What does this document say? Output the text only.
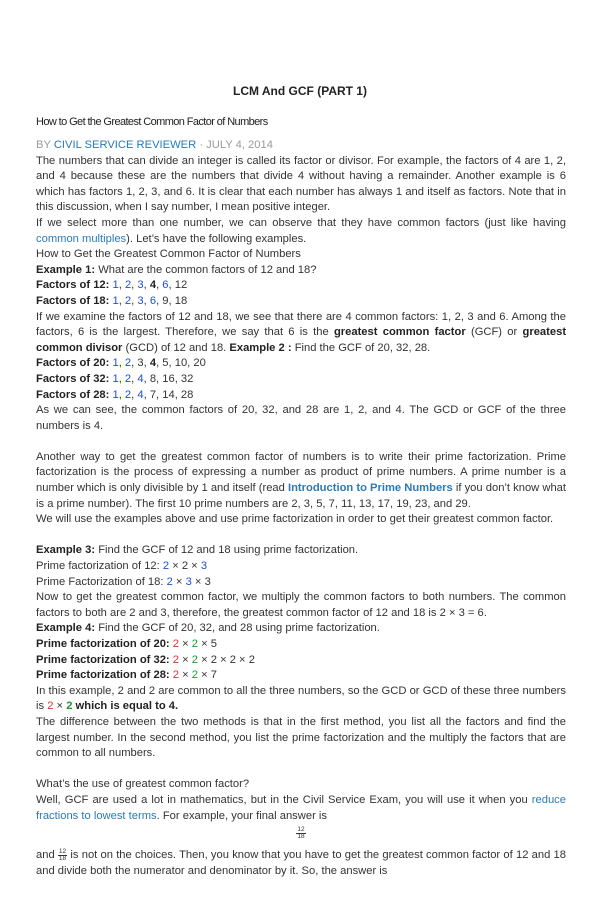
LCM And GCF (PART 1)
How to Get the Greatest Common Factor of Numbers

BY CIVIL SERVICE REVIEWER · JULY 4, 2014

The numbers that can divide an integer is called its factor or divisor. For example, the factors of 4 are 1, 2, and 4 because these are the numbers that divide 4 without having a remainder. Another example is 6 which has factors 1, 2, 3, and 6. It is clear that each number has always 1 and itself as factors. Note that in this discussion, when I say number, I mean positive integer.

If we select more than one number, we can observe that they have common factors (just like having common multiples). Let’s have the following examples.

How to Get the Greatest Common Factor of Numbers

Example 1: What are the common factors of 12 and 18?

Factors of 12: 1, 2, 3, 4, 6, 12

Factors of 18: 1, 2, 3, 6, 9, 18

If we examine the factors of 12 and 18, we see that there are 4 common factors: 1, 2, 3 and 6. Among the factors, 6 is the largest. Therefore, we say that 6 is the greatest common factor (GCF) or greatest common divisor (GCD) of 12 and 18. Example 2 : Find the GCF of 20, 32, 28.

Factors of 20: 1, 2, 3, 4, 5, 10, 20

Factors of 32: 1, 2, 4, 8, 16, 32

Factors of 28: 1, 2, 4, 7, 14, 28

As we can see, the common factors of 20, 32, and 28 are 1, 2, and 4. The GCD or GCF of the three numbers is 4.

Another way to get the greatest common factor of numbers is to write their prime factorization. Prime factorization is the process of expressing a number as product of prime numbers. A prime number is a number which is only divisible by 1 and itself (read Introduction to Prime Numbers if you don’t know what is a prime number). The first 10 prime numbers are 2, 3, 5, 7, 11, 13, 17, 19, 23, and 29.

We will use the examples above and use prime factorization in order to get their greatest common factor.

Example 3: Find the GCF of 12 and 18 using prime factorization.

Prime factorization of 12: 2 × 2 × 3

Prime Factorization of 18: 2 × 3 × 3

Now to get the greatest common factor, we multiply the common factors to both numbers. The common factors to both are 2 and 3, therefore, the greatest common factor of 12 and 18 is 2 × 3 = 6.

Example 4: Find the GCF of 20, 32, and 28 using prime factorization.

Prime factorization of 20: 2 × 2 × 5

Prime factorization of 32: 2 × 2 × 2 × 2 × 2

Prime factorization of 28: 2 × 2 × 7

In this example, 2 and 2 are common to all the three numbers, so the GCD or GCD of these three numbers is 2 × 2 which is equal to 4.

The difference between the two methods is that in the first method, you list all the factors and find the largest number. In the second method, you list the prime factorization and the multiply the factors that are common to all numbers.

What’s the use of greatest common factor?

Well, GCF are used a lot in mathematics, but in the Civil Service Exam, you will use it when you reduce fractions to lowest terms. For example, your final answer is

$\frac{12}{18}$

and $\frac{12}{18}$ is not on the choices. Then, you know that you have to get the greatest common factor of 12 and 18 and divide both the numerator and denominator by it. So, the answer is
